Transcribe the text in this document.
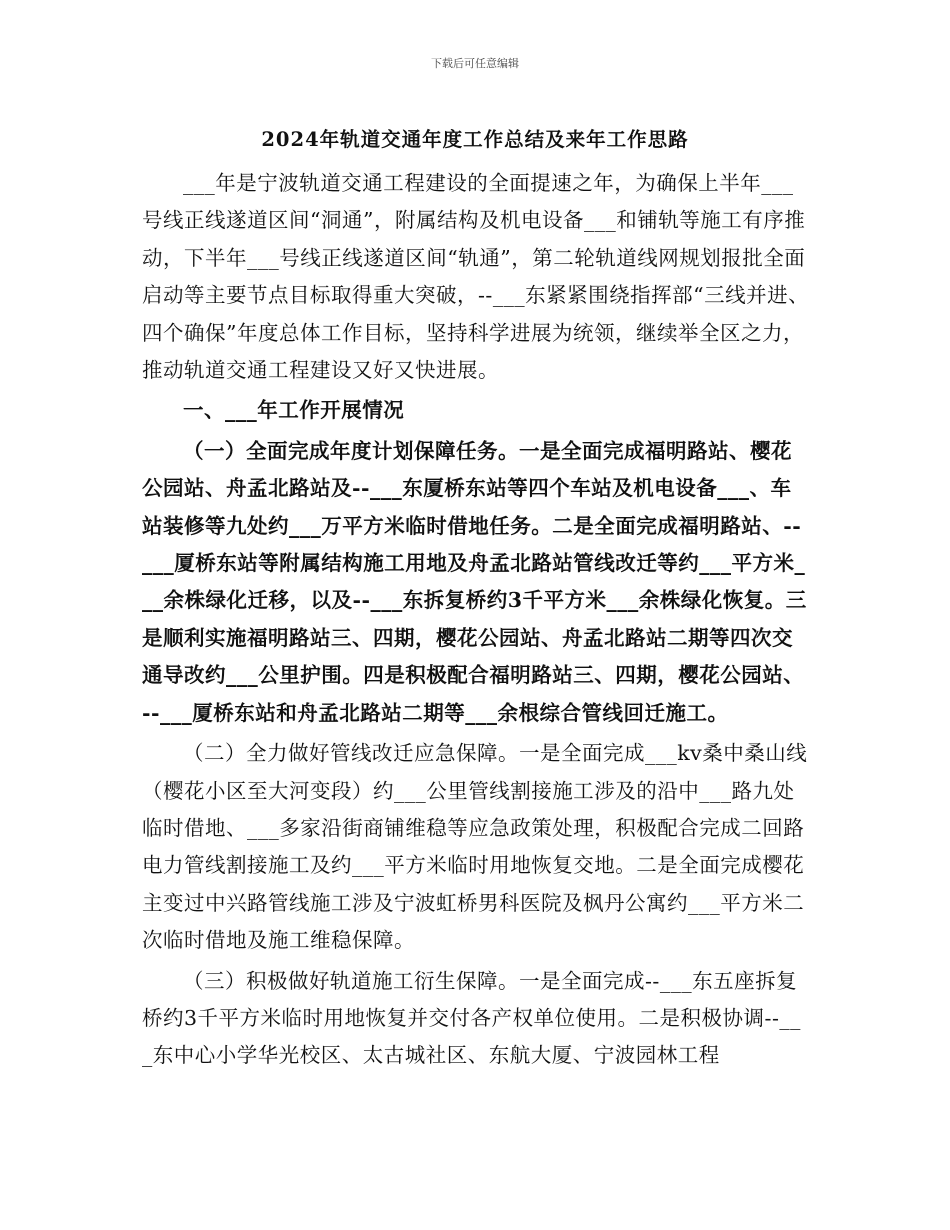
下载后可任意编辑
2024年轨道交通年度工作总结及来年工作思路

___年是宁波轨道交通工程建设的全面提速之年，为确保上半年___号线正线遂道区间“洞通”，附属结构及机电设备___和铺轨等施工有序推动，下半年___号线正线遂道区间“轨通”，第二轮轨道线网规划报批全面启动等主要节点目标取得重大突破，--___东紧紧围绕指挥部“三线并进、四个确保”年度总体工作目标，坚持科学进展为统领，继续举全区之力，推动轨道交通工程建设又好又快进展。

一、___年工作开展情况

（一）全面完成年度计划保障任务。一是全面完成福明路站、樱花公园站、舟孟北路站及--___东厦桥东站等四个车站及机电设备___、车站装修等九处约___万平方米临时借地任务。二是全面完成福明路站、--___厦桥东站等附属结构施工用地及舟孟北路站管线改迁等约___平方米___余株绿化迁移，以及--___东拆复桥约3千平方米___余株绿化恢复。三是顺利实施福明路站三、四期，樱花公园站、舟孟北路站二期等四次交通导改约___公里护围。四是积极配合福明路站三、四期，樱花公园站、--___厦桥东站和舟孟北路站二期等___余根综合管线回迁施工。

（二）全力做好管线改迁应急保障。一是全面完成___kv桑中桑山线（樱花小区至大河变段）约___公里管线割接施工涉及的沿中___路九处临时借地、___多家沿街商铺维稳等应急政策处理，积极配合完成二回路电力管线割接施工及约___平方米临时用地恢复交地。二是全面完成樱花主变过中兴路管线施工涉及宁波虹桥男科医院及枫丹公寓约___平方米二次临时借地及施工维稳保障。

（三）积极做好轨道施工衍生保障。一是全面完成--___东五座拆复桥约3千平方米临时用地恢复并交付各产权单位使用。二是积极协调--___东中心小学华光校区、太古城社区、东航大厦、宁波园林工程
